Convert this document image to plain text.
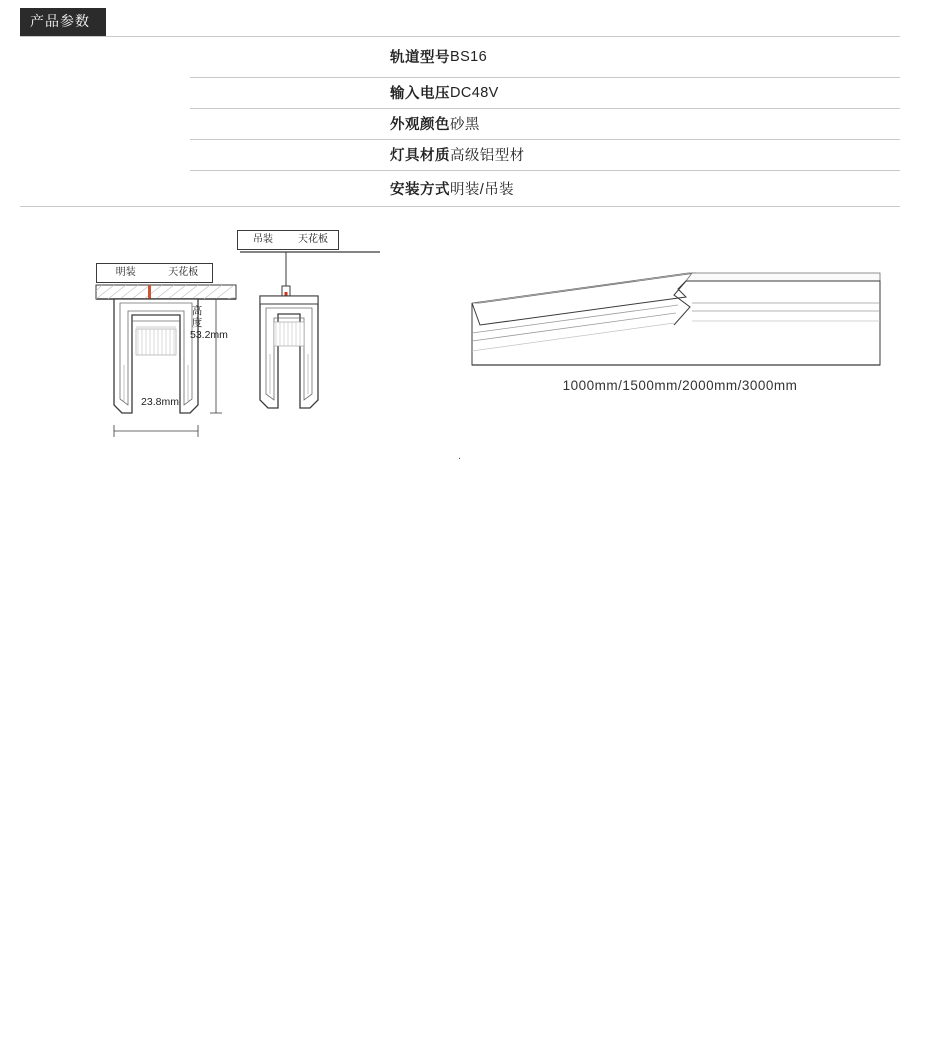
产品参数
轨道型号	BS16
输入电压	DC48V
外观颜色	砂黑
灯具材质	高级铝型材
安装方式	明装/吊装
明装	天花板
高度 53.2mm
23.8mm
吊装	天花板
1000mm/1500mm/2000mm/3000mm
.
